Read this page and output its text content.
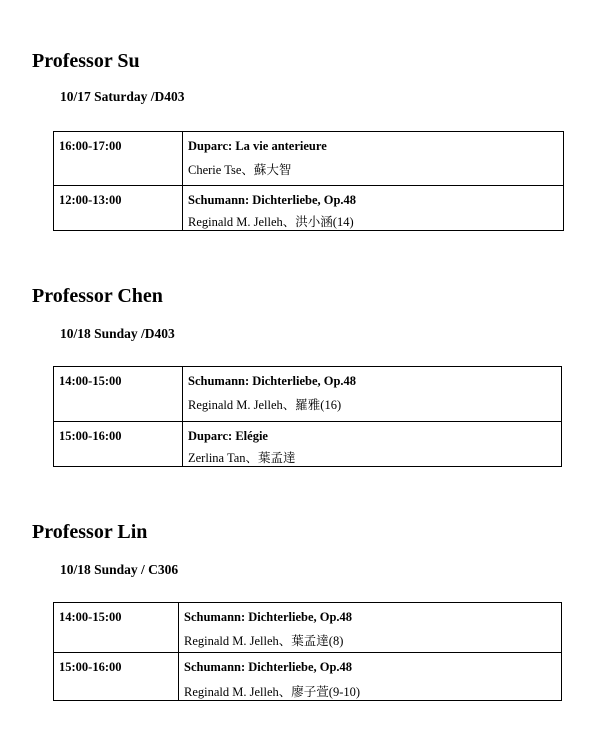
Professor Su
10/17 Saturday /D403
16:00-17:00	Duparc: La vie anterieure
Cherie Tse、蘇大智

12:00-13:00	Schumann: Dichterliebe, Op.48
Reginald M. Jelleh、洪小涵(14)
Professor Chen
10/18 Sunday /D403
14:00-15:00	Schumann: Dichterliebe, Op.48
Reginald M. Jelleh、羅雅(16)

15:00-16:00	Duparc: Elégie
Zerlina Tan、葉孟達
Professor Lin
10/18 Sunday / C306
14:00-15:00	Schumann: Dichterliebe, Op.48
Reginald M. Jelleh、葉孟達(8)

15:00-16:00	Schumann: Dichterliebe, Op.48
Reginald M. Jelleh、廖子萱(9-10)
